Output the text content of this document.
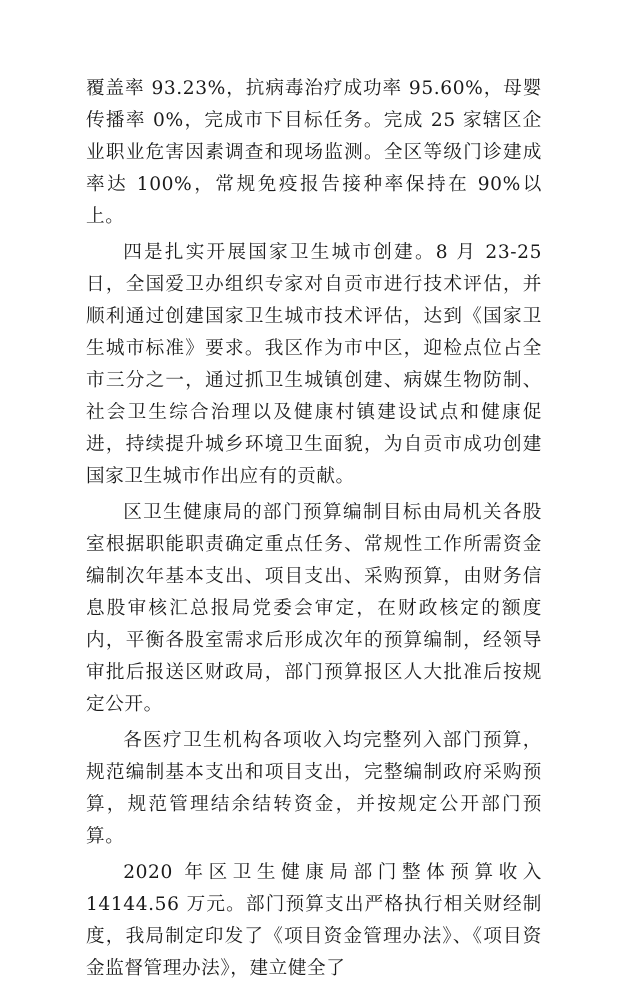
覆盖率 93.23%，抗病毒治疗成功率 95.60%，母婴传播率 0%，完成市下目标任务。完成 25 家辖区企业职业危害因素调查和现场监测。全区等级门诊建成率达 100%，常规免疫报告接种率保持在 90%以上。

四是扎实开展国家卫生城市创建。8 月 23-25 日，全国爱卫办组织专家对自贡市进行技术评估，并顺利通过创建国家卫生城市技术评估，达到《国家卫生城市标准》要求。我区作为市中区，迎检点位占全市三分之一，通过抓卫生城镇创建、病媒生物防制、社会卫生综合治理以及健康村镇建设试点和健康促进，持续提升城乡环境卫生面貌，为自贡市成功创建国家卫生城市作出应有的贡献。

区卫生健康局的部门预算编制目标由局机关各股室根据职能职责确定重点任务、常规性工作所需资金编制次年基本支出、项目支出、采购预算，由财务信息股审核汇总报局党委会审定，在财政核定的额度内，平衡各股室需求后形成次年的预算编制，经领导审批后报送区财政局，部门预算报区人大批准后按规定公开。

各医疗卫生机构各项收入均完整列入部门预算，规范编制基本支出和项目支出，完整编制政府采购预算，规范管理结余结转资金，并按规定公开部门预算。

2020 年区卫生健康局部门整体预算收入 14144.56 万元。部门预算支出严格执行相关财经制度，我局制定印发了《项目资金管理办法》、《项目资金监督管理办法》，建立健全了
